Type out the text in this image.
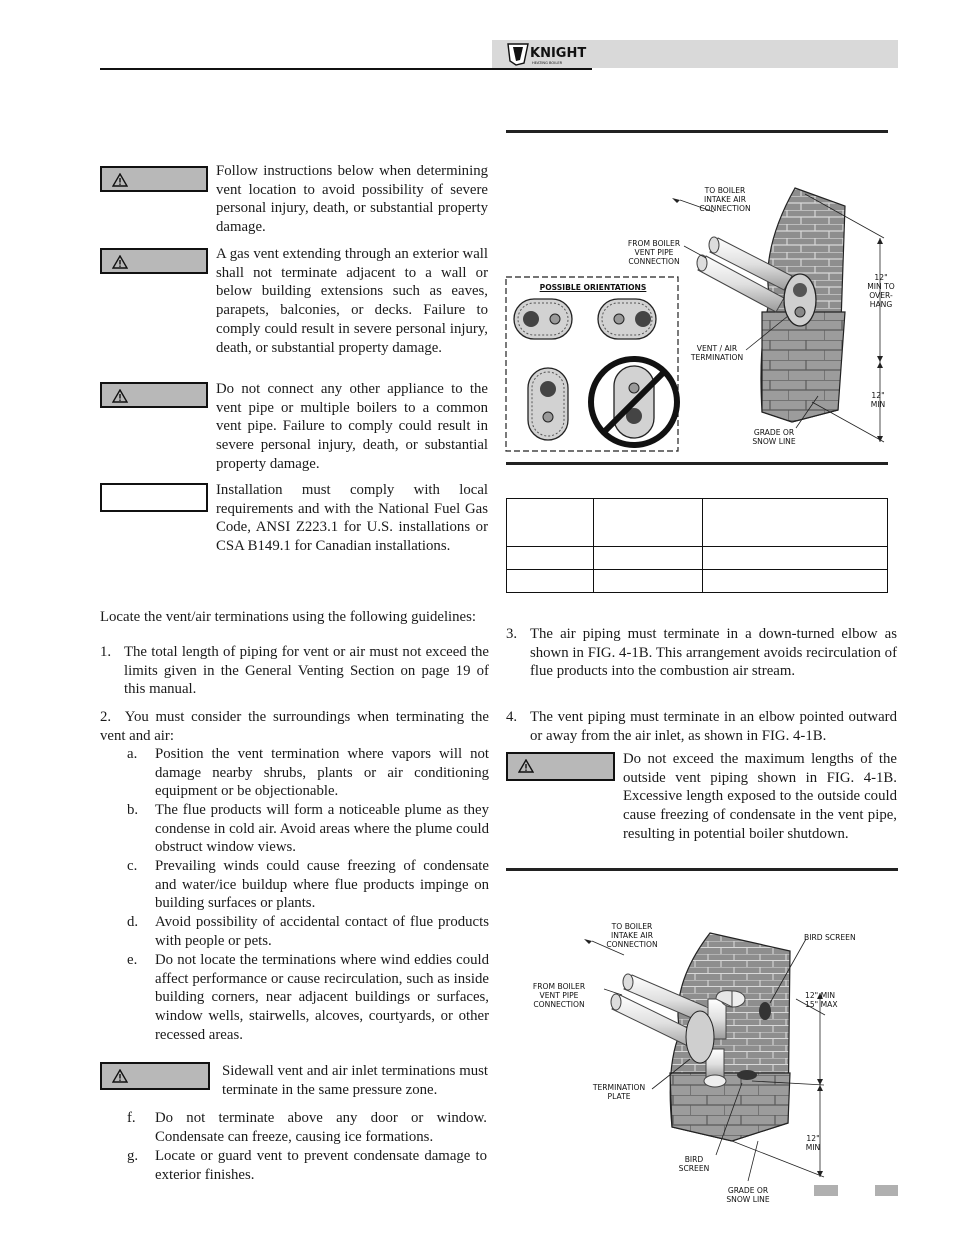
KNIGHT
HEATING BOILER
Follow instructions below when determining vent location to avoid possibility of severe personal injury, death, or substantial property damage.
A gas vent extending through an exterior wall shall not terminate adjacent to a wall or below building extensions such as eaves, parapets, balconies, or decks. Failure to comply could result in severe personal injury, death, or substantial property damage.
Do not connect any other appliance to the vent pipe or multiple boilers to a common vent pipe. Failure to comply could result in severe personal injury, death, or substantial property damage.
Installation must comply with local requirements and with the National Fuel Gas Code, ANSI Z223.1 for U.S. installations or CSA B149.1 for Canadian installations.
Locate the vent/air terminations using the following guidelines:
1. The total length of piping for vent or air must not exceed the limits given in the General Venting Section on page 19 of this manual.
2. You must consider the surroundings when terminating the vent and air:
a. Position the vent termination where vapors will not damage nearby shrubs, plants or air conditioning equipment or be objectionable.
b. The flue products will form a noticeable plume as they condense in cold air. Avoid areas where the plume could obstruct window views.
c. Prevailing winds could cause freezing of condensate and water/ice buildup where flue products impinge on building surfaces or plants.
d. Avoid possibility of accidental contact of flue products with people or pets.
e. Do not locate the terminations where wind eddies could affect performance or cause recirculation, such as inside building corners, near adjacent buildings or surfaces, window wells, stairwells, alcoves, courtyards, or other recessed areas.
Sidewall vent and air inlet terminations must terminate in the same pressure zone.
f. Do not terminate above any door or window. Condensate can freeze, causing ice formations.
g. Locate or guard vent to prevent condensate damage to exterior finishes.
POSSIBLE ORIENTATIONS
TO BOILER INTAKE AIR CONNECTION
FROM BOILER VENT PIPE CONNECTION
VENT / AIR TERMINATION
GRADE OR SNOW LINE
12" MIN TO OVER- HANG
12" MIN

3. The air piping must terminate in a down-turned elbow as shown in FIG. 4-1B. This arrangement avoids recirculation of flue products into the combustion air stream.
4. The vent piping must terminate in an elbow pointed outward or away from the air inlet, as shown in FIG. 4-1B.
Do not exceed the maximum lengths of the outside vent piping shown in FIG. 4-1B. Excessive length exposed to the outside could cause freezing of condensate in the vent pipe, resulting in potential boiler shutdown.
TO BOILER INTAKE AIR CONNECTION
FROM BOILER VENT PIPE CONNECTION
BIRD SCREEN
12" MIN 15" MAX
TERMINATION PLATE
BIRD SCREEN
12" MIN
GRADE OR SNOW LINE
